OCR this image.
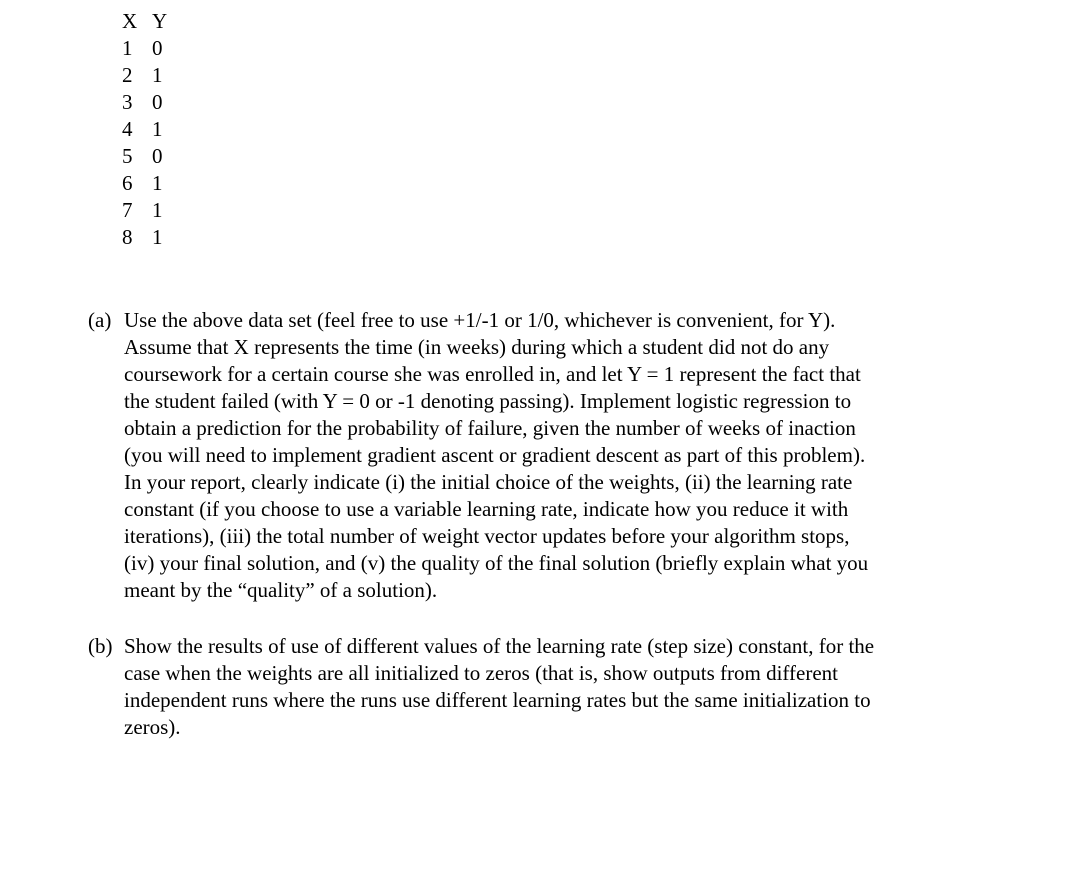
X	Y
1	0
2	1
3	0
4	1
5	0
6	1
7	1
8	1
(a) Use the above data set (feel free to use +1/-1 or 1/0, whichever is convenient, for Y).
Assume that X represents the time (in weeks) during which a student did not do any
coursework for a certain course she was enrolled in, and let Y = 1 represent the fact that
the student failed (with Y = 0 or -1 denoting passing). Implement logistic regression to
obtain a prediction for the probability of failure, given the number of weeks of inaction
(you will need to implement gradient ascent or gradient descent as part of this problem).
In your report, clearly indicate (i) the initial choice of the weights, (ii) the learning rate
constant (if you choose to use a variable learning rate, indicate how you reduce it with
iterations), (iii) the total number of weight vector updates before your algorithm stops,
(iv) your final solution, and (v) the quality of the final solution (briefly explain what you
meant by the “quality” of a solution).
(b) Show the results of use of different values of the learning rate (step size) constant, for the
case when the weights are all initialized to zeros (that is, show outputs from different
independent runs where the runs use different learning rates but the same initialization to
zeros).
